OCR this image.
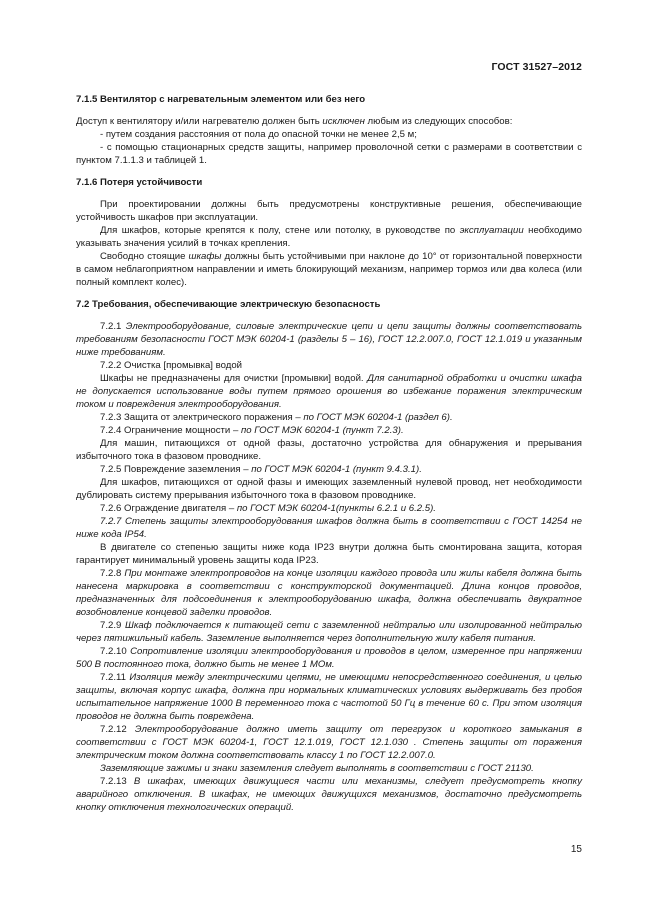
ГОСТ 31527–2012
7.1.5 Вентилятор с нагревательным элементом или без него

Доступ к вентилятору и/или нагревателю должен быть исключен любым из следующих способов:

- путем создания расстояния от пола до опасной точки не менее 2,5 м;

- с помощью стационарных средств защиты, например проволочной сетки с размерами в соответствии с пунктом 7.1.1.3 и таблицей 1.

7.1.6 Потеря устойчивости

При проектировании должны быть предусмотрены конструктивные решения, обеспечивающие устойчивость шкафов при эксплуатации.

Для шкафов, которые крепятся к полу, стене или потолку, в руководстве по эксплуатации необходимо указывать значения усилий в точках крепления.

Свободно стоящие шкафы должны быть устойчивыми при наклоне до 10° от горизонтальной поверхности в самом неблагоприятном направлении и иметь блокирующий механизм, например тормоз или два колеса (или полный комплект колес).

7.2 Требования, обеспечивающие электрическую безопасность

7.2.1 Электрооборудование, силовые электрические цепи и цепи защиты должны соответствовать требованиям безопасности ГОСТ МЭК 60204-1 (разделы 5 – 16), ГОСТ 12.2.007.0, ГОСТ 12.1.019 и указанным ниже требованиям.

7.2.2 Очистка [промывка] водой

Шкафы не предназначены для очистки [промывки] водой. Для санитарной обработки и очистки шкафа не допускается использование воды путем прямого орошения во избежание поражения электрическим током и повреждения электрооборудования.

7.2.3 Защита от электрического поражения – по ГОСТ МЭК 60204-1 (раздел 6).

7.2.4 Ограничение мощности – по ГОСТ МЭК 60204-1 (пункт 7.2.3).

Для машин, питающихся от одной фазы, достаточно устройства для обнаружения и прерывания избыточного тока в фазовом проводнике.

7.2.5 Повреждение заземления – по ГОСТ МЭК 60204-1 (пункт 9.4.3.1).

Для шкафов, питающихся от одной фазы и имеющих заземленный нулевой провод, нет необходимости дублировать систему прерывания избыточного тока в фазовом проводнике.

7.2.6 Ограждение двигателя – по ГОСТ МЭК 60204-1(пункты 6.2.1 и 6.2.5).

7.2.7 Степень защиты электрооборудования шкафов должна быть в соответствии с ГОСТ 14254 не ниже кода IP54.

В двигателе со степенью защиты ниже кода IP23 внутри должна быть смонтирована защита, которая гарантирует минимальный уровень защиты кода IP23.

7.2.8 При монтаже электропроводов на конце изоляции каждого провода или жилы кабеля должна быть нанесена маркировка в соответствии с конструкторской документацией. Длина концов проводов, предназначенных для подсоединения к электрооборудованию шкафа, должна обеспечивать двукратное возобновление концевой заделки проводов.

7.2.9 Шкаф подключается к питающей сети с заземленной нейтралью или изолированной нейтралью через пятижильный кабель. Заземление выполняется через дополнительную жилу кабеля питания.

7.2.10 Сопротивление изоляции электрооборудования и проводов в целом, измеренное при напряжении 500 В постоянного тока, должно быть не менее 1 МОм.

7.2.11 Изоляция между электрическими цепями, не имеющими непосредственного соединения, и целью защиты, включая корпус шкафа, должна при нормальных климатических условиях выдерживать без пробоя испытательное напряжение 1000 В переменного тока с частотой 50 Гц в течение 60 с. При этом изоляция проводов не должна быть повреждена.

7.2.12 Электрооборудование должно иметь защиту от перегрузок и короткого замыкания в соответствии с ГОСТ МЭК 60204-1, ГОСТ 12.1.019, ГОСТ 12.1.030 . Степень защиты от поражения электрическим током должна соответствовать классу 1 по ГОСТ 12.2.007.0.

Заземляющие зажимы и знаки заземления следует выполнять в соответствии с ГОСТ 21130.

7.2.13 В шкафах, имеющих движущиеся части или механизмы, следует предусмотреть кнопку аварийного отключения. В шкафах, не имеющих движущихся механизмов, достаточно предусмотреть кнопку отключения технологических операций.

15
